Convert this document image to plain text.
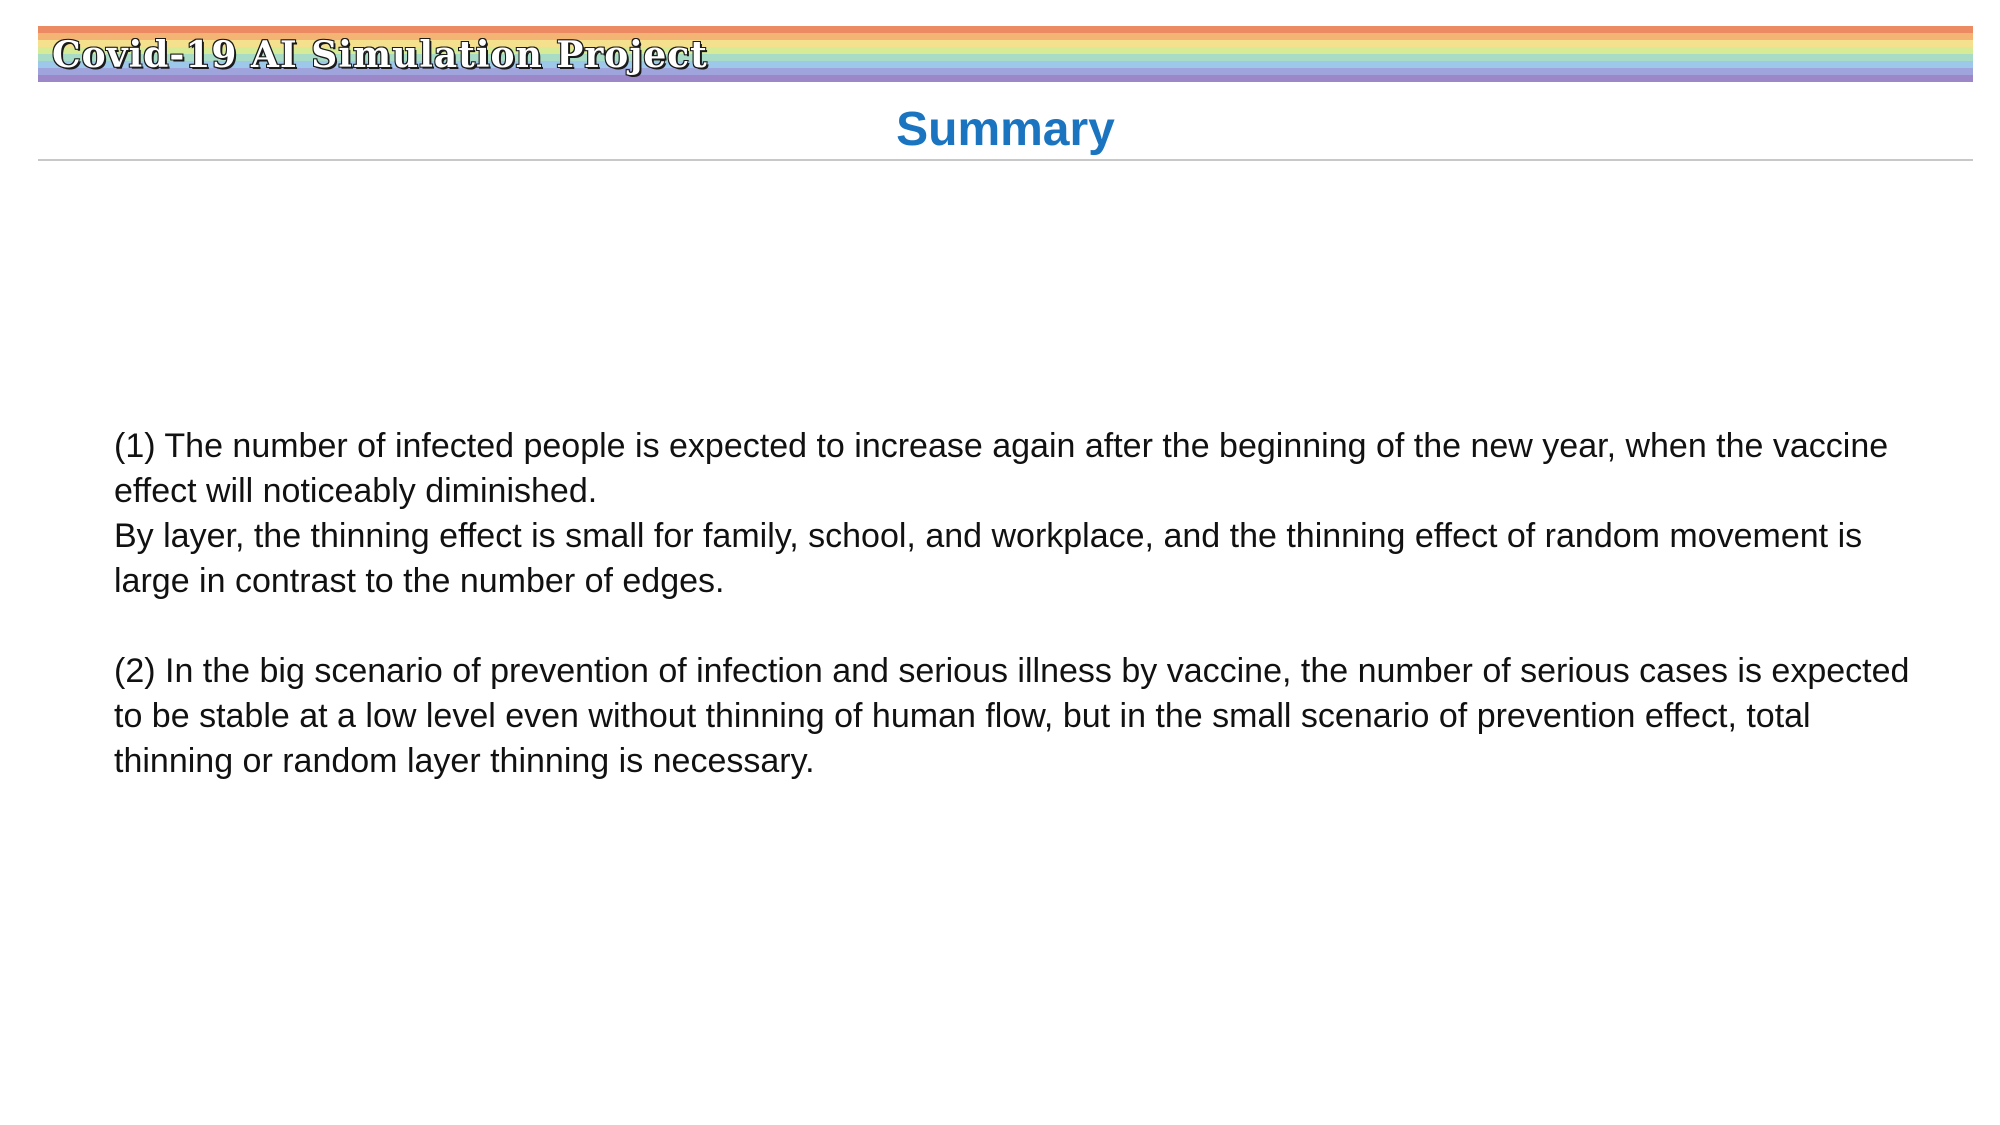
Covid-19 AI Simulation Project
Summary

(1) The number of infected people is expected to increase again after the beginning of the new year, when the vaccine effect will noticeably diminished.

By layer, the thinning effect is small for family, school, and workplace, and the thinning effect of random movement is large in contrast to the number of edges.

(2) In the big scenario of prevention of infection and serious illness by vaccine, the number of serious cases is expected to be stable at a low level even without thinning of human flow, but in the small scenario of prevention effect, total thinning or random layer thinning is necessary.
